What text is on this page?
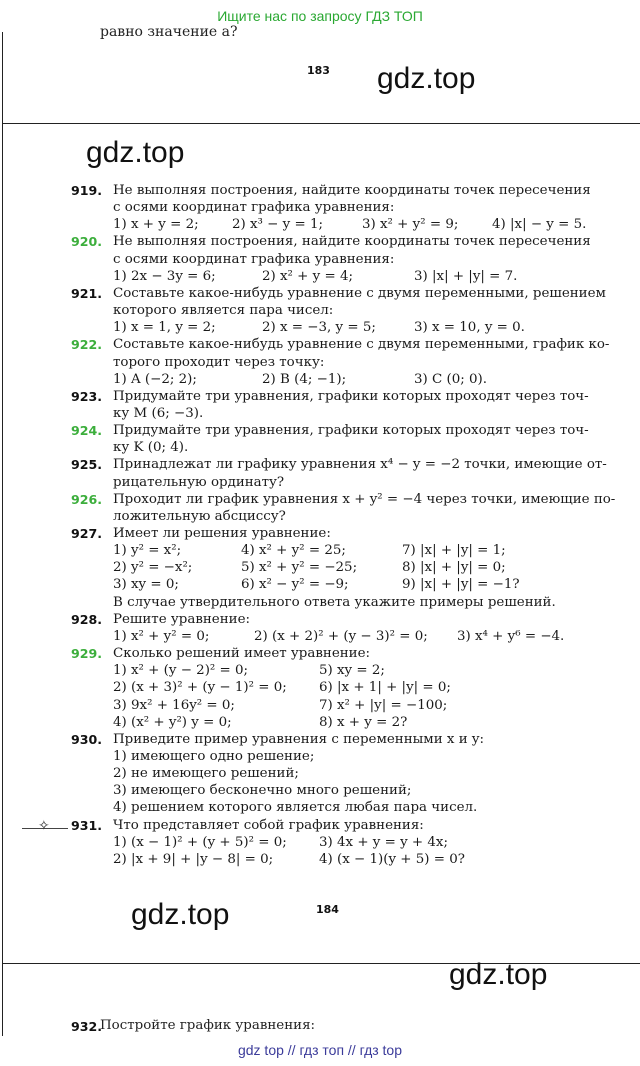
Ищите нас по запросу ГДЗ ТОП
равно значение a?
183 gdz.top
gdz.top
919. Не выполняя построения, найдите координаты точек пересечения
с осями координат графика уравнения:
1) x + y = 2; 2) x³ − y = 1;	3) x² + y² = 9;	4) |x| − y = 5.
920. Не выполняя построения, найдите координаты точек пересечения
с осями координат графика уравнения:
1) 2x − 3y = 6;	2) x² + y = 4;	3) |x| + |y| = 7.
921. Составьте какое-нибудь уравнение с двумя переменными, решением
которого является пара чисел:
1) x = 1, y = 2;	2) x = −3, y = 5;	3) x = 10, y = 0.
922. Составьте какое-нибудь уравнение с двумя переменными, график ко-
торого проходит через точку:
1) A (−2; 2);	2) B (4; −1);	3) C (0; 0).
923. Придумайте три уравнения, графики которых проходят через точ-
ку M (6; −3).
924. Придумайте три уравнения, графики которых проходят через точ-
ку K (0; 4).
925. Принадлежат ли графику уравнения x⁴ − y = −2 точки, имеющие от-
рицательную ординату?
926. Проходит ли график уравнения x + y² = −4 через точки, имеющие по-
ложительную абсциссу?
927. Имеет ли решения уравнение:
1) y² = x²;	4) x² + y² = 25;	7) |x| + |y| = 1;
2) y² = −x²;	5) x² + y² = −25;	8) |x| + |y| = 0;
3) xy = 0;	6) x² − y² = −9;	9) |x| + |y| = −1?
В случае утвердительного ответа укажите примеры решений.
928. Решите уравнение:
1) x² + y² = 0;	2) (x + 2)² + (y − 3)² = 0; 3) x⁴ + y⁶ = −4.
929. Сколько решений имеет уравнение:
1) x² + (y − 2)² = 0;	5) xy = 2;
2) (x + 3)² + (y − 1)² = 0; 6) |x + 1| + |y| = 0;
3) 9x² + 16y² = 0;	7) x² + |y| = −100;
4) (x² + y²) y = 0;	8) x + y = 2?
930. Приведите пример уравнения с переменными x и y:
1) имеющего одно решение;
2) не имеющего решений;
3) имеющего бесконечно много решений;
4) решением которого является любая пара чисел.
931. Что представляет собой график уравнения:
1) (x − 1)² + (y + 5)² = 0; 3) 4x + y = y + 4x;
2) |x + 9| + |y − 8| = 0;	4) (x − 1)(y + 5) = 0?
✧
gdz.top	184
gdz.top
932.
Постройте график уравнения:
gdz top // гдз топ // гдз top
